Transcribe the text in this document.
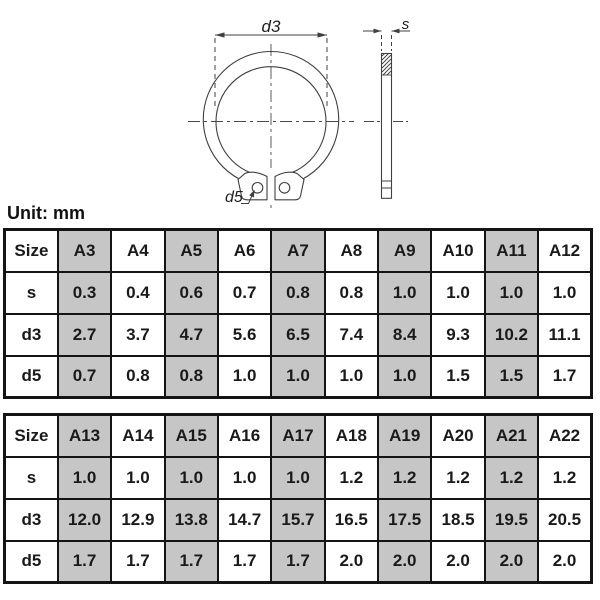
d3
d5
s
Unit: mm
Size	A3	A4	A5	A6	A7	A8	A9	A10	A11	A12
s	0.3	0.4	0.6	0.7	0.8	0.8	1.0	1.0	1.0	1.0
d3	2.7	3.7	4.7	5.6	6.5	7.4	8.4	9.3	10.2	11.1
d5	0.7	0.8	0.8	1.0	1.0	1.0	1.0	1.5	1.5	1.7
Size	A13	A14	A15	A16	A17	A18	A19	A20	A21	A22
s	1.0	1.0	1.0	1.0	1.0	1.2	1.2	1.2	1.2	1.2
d3	12.0	12.9	13.8	14.7	15.7	16.5	17.5	18.5	19.5	20.5
d5	1.7	1.7	1.7	1.7	1.7	2.0	2.0	2.0	2.0	2.0
